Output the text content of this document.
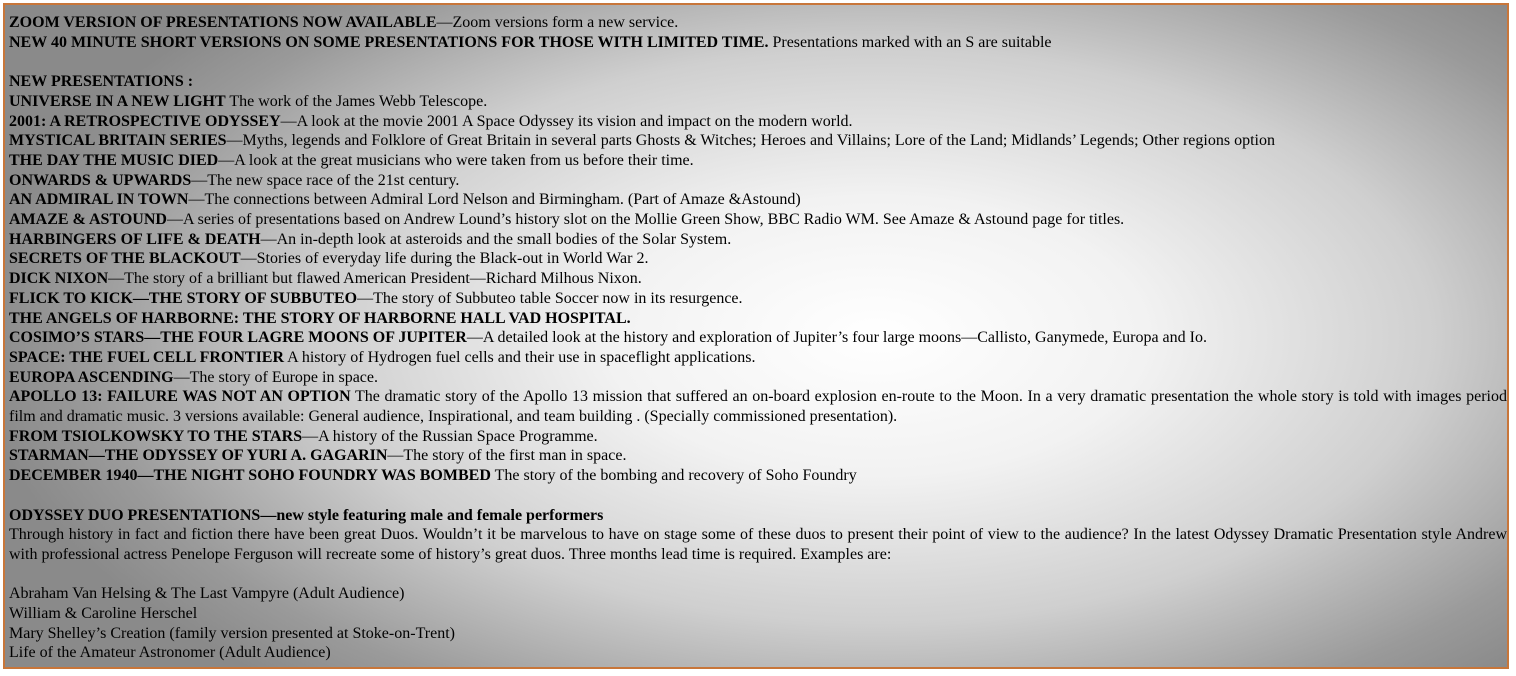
ZOOM VERSION OF PRESENTATIONS NOW AVAILABLE—Zoom versions form a new service.
NEW 40 MINUTE SHORT VERSIONS ON SOME PRESENTATIONS FOR THOSE WITH LIMITED TIME. Presentations marked with an S are suitable
NEW PRESENTATIONS :
UNIVERSE IN A NEW LIGHT The work of the James Webb Telescope.
2001: A RETROSPECTIVE ODYSSEY—A look at the movie 2001 A Space Odyssey its vision and impact on the modern world.
MYSTICAL BRITAIN SERIES—Myths, legends and Folklore of Great Britain in several parts Ghosts & Witches; Heroes and Villains; Lore of the Land; Midlands’ Legends; Other regions option
THE DAY THE MUSIC DIED—A look at the great musicians who were taken from us before their time.
ONWARDS & UPWARDS—The new space race of the 21st century.
AN ADMIRAL IN TOWN—The connections between Admiral Lord Nelson and Birmingham. (Part of Amaze &Astound)
AMAZE & ASTOUND—A series of presentations based on Andrew Lound’s history slot on the Mollie Green Show, BBC Radio WM. See Amaze & Astound page for titles.
HARBINGERS OF LIFE & DEATH—An in-depth look at asteroids and the small bodies of the Solar System.
SECRETS OF THE BLACKOUT—Stories of everyday life during the Black-out in World War 2.
DICK NIXON—The story of a brilliant but flawed American President—Richard Milhous Nixon.
FLICK TO KICK—THE STORY OF SUBBUTEO—The story of Subbuteo table Soccer now in its resurgence.
THE ANGELS OF HARBORNE: THE STORY OF HARBORNE HALL VAD HOSPITAL.
COSIMO’S STARS—THE FOUR LAGRE MOONS OF JUPITER—A detailed look at the history and exploration of Jupiter’s four large moons—Callisto, Ganymede, Europa and Io.
SPACE: THE FUEL CELL FRONTIER A history of Hydrogen fuel cells and their use in spaceflight applications.
EUROPA ASCENDING—The story of Europe in space.
APOLLO 13: FAILURE WAS NOT AN OPTION The dramatic story of the Apollo 13 mission that suffered an on-board explosion en-route to the Moon. In a very dramatic presentation the whole story is told with images period film and dramatic music. 3 versions available: General audience, Inspirational, and team building . (Specially commissioned presentation).
FROM TSIOLKOWSKY TO THE STARS—A history of the Russian Space Programme.
STARMAN—THE ODYSSEY OF YURI A. GAGARIN—The story of the first man in space.
DECEMBER 1940—THE NIGHT SOHO FOUNDRY WAS BOMBED The story of the bombing and recovery of Soho Foundry
ODYSSEY DUO PRESENTATIONS—new style featuring male and female performers
Through history in fact and fiction there have been great Duos. Wouldn’t it be marvelous to have on stage some of these duos to present their point of view to the audience? In the latest Odyssey Dramatic Presentation style Andrew with professional actress Penelope Ferguson will recreate some of history’s great duos. Three months lead time is required. Examples are:
Abraham Van Helsing & The Last Vampyre (Adult Audience)
William & Caroline Herschel
Mary Shelley’s Creation (family version presented at Stoke-on-Trent)
Life of the Amateur Astronomer (Adult Audience)
